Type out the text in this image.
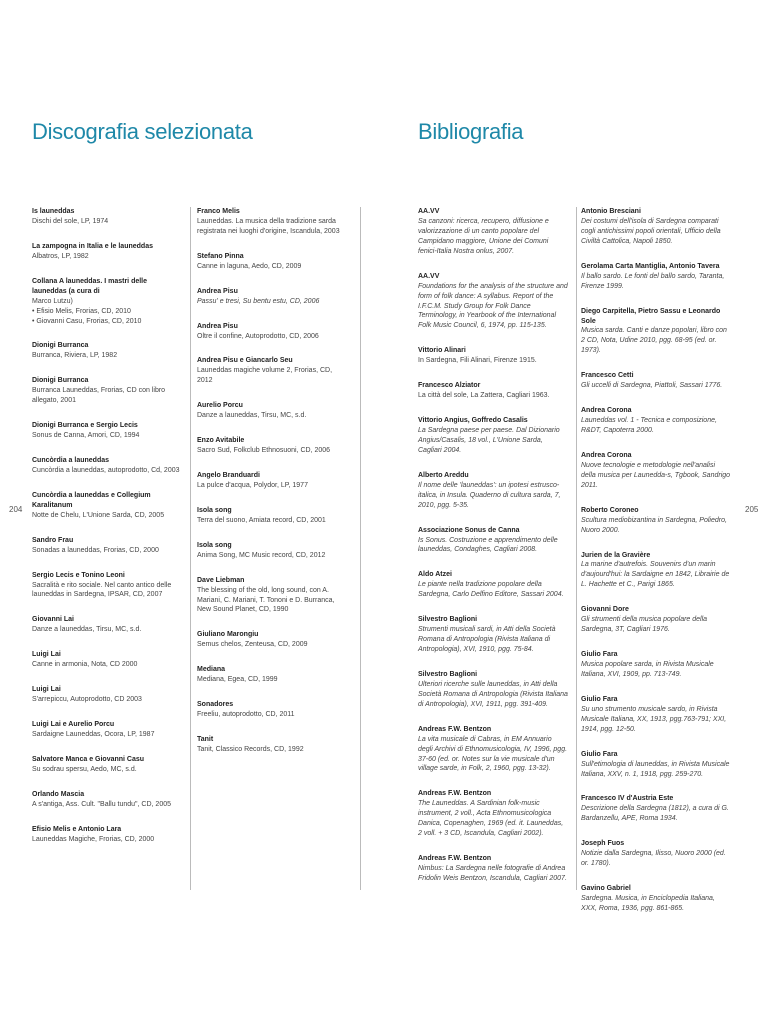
Discografia selezionata	Bibliografia
Is launeddas
Dischi del sole, LP, 1974
La zampogna in Italia e le launeddas
Albatros, LP, 1982
Collana A launeddas. I mastri delle launeddas (a cura di
Marco Lutzu)
• Efisio Melis, Frorias, CD, 2010
• Giovanni Casu, Frorias, CD, 2010
Dionigi Burranca
Burranca, Riviera, LP, 1982
Dionigi Burranca
Burranca Launeddas, Frorias, CD con libro allegato, 2001
Dionigi Burranca e Sergio Lecis
Sonus de Canna, Amori, CD, 1994
Cuncòrdia a launeddas
Cuncòrdia a launeddas, autoprodotto, Cd, 2003
Cuncòrdia a launeddas e Collegium Karalitanum
Notte de Chelu, L'Unione Sarda, CD, 2005
Sandro Frau
Sonadas a launeddas, Frorias, CD, 2000
Sergio Lecis e Tonino Leoni
Sacralità e rito sociale. Nel canto antico delle launeddas in Sardegna, IPSAR, CD, 2007
Giovanni Lai
Danze a launeddas, Tirsu, MC, s.d.
Luigi Lai
Canne in armonia, Nota, CD 2000
Luigi Lai
S'arrepiccu, Autoprodotto, CD 2003
Luigi Lai e Aurelio Porcu
Sardaigne Launeddas, Ocora, LP, 1987
Salvatore Manca e Giovanni Casu
Su sodrau spersu, Aedo, MC, s.d.
Orlando Mascia
A s'antiga, Ass. Cult. "Ballu tundu", CD, 2005
Efisio Melis e Antonio Lara
Launeddas Magiche, Frorias, CD, 2000
Franco Melis
Launeddas. La musica della tradizione sarda registrata nei luoghi d'origine, Iscandula, 2003
Stefano Pinna
Canne in laguna, Aedo, CD, 2009
Andrea Pisu
Passu' e tresi, Su bentu estu, CD, 2006
Andrea Pisu
Oltre il confine, Autoprodotto, CD, 2006
Andrea Pisu e Giancarlo Seu
Launeddas magiche volume 2, Frorias, CD, 2012
Aurelio Porcu
Danze a launeddas, Tirsu, MC, s.d.
Enzo Avitabile
Sacro Sud, Folkclub Ethnosuoni, CD, 2006
Angelo Branduardi
La pulce d'acqua, Polydor, LP, 1977
Isola song
Terra del suono, Amiata record, CD, 2001
Isola song
Anima Song, MC Music record, CD, 2012
Dave Liebman
The blessing of the old, long sound, con A. Mariani, C. Mariani, T. Tononi e D. Burranca, New Sound Planet, CD, 1990
Giuliano Marongiu
Semus chelos, Zenteusa, CD, 2009
Mediana
Mediana, Egea, CD, 1999
Sonadores
Freeliu, autoprodotto, CD, 2011
Tanit
Tanit, Classico Records, CD, 1992
AA.VV
Sa canzoni: ricerca, recupero, diffusione e valorizzazione di un canto popolare del Campidano maggiore, Unione dei Comuni fenici-Italia Nostra onlus, 2007.
AA.VV
Foundations for the analysis of the structure and form of folk dance: A syllabus. Report of the I.F.C.M. Study Group for Folk Dance Terminology, in Yearbook of the International Folk Music Council, 6, 1974, pp. 115-135.
Vittorio Alinari
In Sardegna, Fili Alinari, Firenze 1915.
Francesco Alziator
La città del sole, La Zattera, Cagliari 1963.
Vittorio Angius, Goffredo Casalis
La Sardegna paese per paese. Dal Dizionario Angius/Casalis, 18 vol., L'Unione Sarda, Cagliari 2004.
Alberto Areddu
Il nome delle 'launeddas': un ipotesi estrusco-italica, in Insula. Quaderno di cultura sarda, 7, 2010, pgg. 5-35.
Associazione Sonus de Canna
Is Sonus. Costruzione e apprendimento delle launeddas, Condaghes, Cagliari 2008.
Aldo Atzei
Le piante nella tradizione popolare della Sardegna, Carlo Delfino Editore, Sassari 2004.
Silvestro Baglioni
Strumenti musicali sardi, in Atti della Società Romana di Antropologia (Rivista Italiana di Antropologia), XVI, 1910, pgg. 75-84.
Silvestro Baglioni
Ulteriori ricerche sulle launeddas, in Atti della Società Romana di Antropologia (Rivista Italiana di Antropologia), XVI, 1911, pgg. 391-409.
Andreas F.W. Bentzon
La vita musicale di Cabras, in EM Annuario degli Archivi di Ethnomusicologia, IV, 1996, pgg. 37-60 (ed. or. Notes sur la vie musicale d'un village sarde, in Folk, 2, 1960, pgg. 13-32).
Andreas F.W. Bentzon
The Launeddas. A Sardinian folk-music instrument, 2 voll., Acta Ethnomusicologica Danica, Copenaghen, 1969 (ed. it. Launeddas, 2 voll. + 3 CD, Iscandula, Cagliari 2002).
Andreas F.W. Bentzon
Nimbus: La Sardegna nelle fotografie di Andrea Fridolin Weis Bentzon, Iscandula, Cagliari 2007.
Antonio Bresciani
Dei costumi dell'isola di Sardegna comparati cogli antichissimi popoli orientali, Ufficio della Civiltà Cattolica, Napoli 1850.
Gerolama Carta Mantiglia, Antonio Tavera
Il ballo sardo. Le fonti del ballo sardo, Taranta, Firenze 1999.
Diego Carpitella, Pietro Sassu e Leonardo Sole
Musica sarda. Canti e danze popolari, libro con 2 CD, Nota, Udine 2010, pgg. 68-95 (ed. or. 1973).
Francesco Cetti
Gli uccelli di Sardegna, Piattoli, Sassari 1776.
Andrea Corona
Launeddas vol. 1 - Tecnica e composizione, R&DT, Capoterra 2000.
Andrea Corona
Nuove tecnologie e metodologie nell'analisi della musica per Launedda-s, Tgbook, Sandrigo 2011.
Roberto Coroneo
Scultura mediobizantina in Sardegna, Poliedro, Nuoro 2000.
Jurien de la Gravière
La marine d'autrefois. Souvenirs d'un marin d'aujourd'hui: la Sardaigne en 1842, Librairie de L. Hachette et C., Parigi 1865.
Giovanni Dore
Gli strumenti della musica popolare della Sardegna, 3T, Cagliari 1976.
Giulio Fara
Musica popolare sarda, in Rivista Musicale Italiana, XVI, 1909, pp. 713-749.
Giulio Fara
Su uno strumento musicale sardo, in Rivista Musicale Italiana, XX, 1913, pgg.763-791; XXI, 1914, pgg. 12-50.
Giulio Fara
Sull'etimologia di launeddas, in Rivista Musicale Italiana, XXV, n. 1, 1918, pgg. 259-270.
Francesco IV d'Austria Este
Descrizione della Sardegna (1812), a cura di G. Bardanzellu, APE, Roma 1934.
Joseph Fuos
Notizie dalla Sardegna, Ilisso, Nuoro 2000 (ed. or. 1780).
Gavino Gabriel
Sardegna. Musica, in Enciclopedia Italiana, XXX, Roma, 1936, pgg. 861-865.
204	205
